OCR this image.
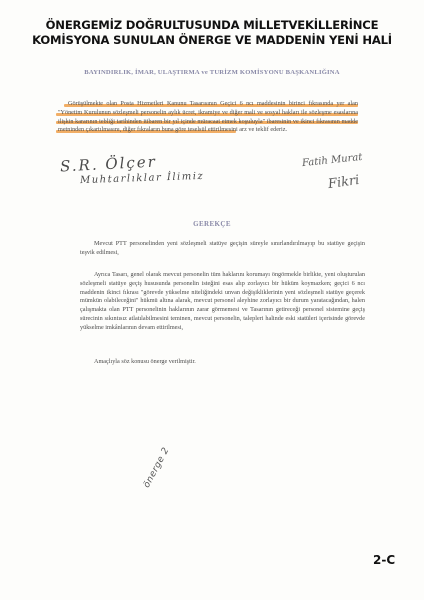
ÖNERGEMİZ DOĞRULTUSUNDA MİLLETVEKİLLERİNCE
KOMİSYONA SUNULAN ÖNERGE VE MADDENİN YENİ HALİ
BAYINDIRLIK, İMAR, ULAŞTIRMA ve TURİZM KOMİSYONU BAŞKANLIĞINA
Görüşülmekte olan Posta Hizmetleri Kanunu Tasarısının Geçici 6 ncı maddesinin birinci fıkrasında yer alan "Yönetim Kurulunun sözleşmeli personelin aylık ücret, ikramiye ve diğer mali ve sosyal hakları ile sözleşme esaslarına ilişkin kararının tebliği tarihinden itibaren bir yıl içinde müracaat etmek koşuluyla" ibaresinin ve ikinci fıkrasının madde metninden çıkartılmasını, diğer fıkraların buna göre teselsül ettirilmesini arz ve teklif ederiz.
S.R. Ölçer
Muhtarlıklar İlimiz
Fatih Murat
Fikri
GEREKÇE
Mevcut PTT personelinden yeni sözleşmeli statüye geçişin süreyle sınırlandırılmayıp bu statüye geçişin teşvik edilmesi,
Ayrıca Tasarı, genel olarak mevcut personelin tüm haklarını korumayı öngörmekle birlikte, yeni oluşturulan sözleşmeli statüye geçiş hususunda personelin isteğini esas alıp zorlayıcı bir hüküm koymazken; geçici 6 ncı maddenin ikinci fıkrası "görevde yükselme niteliğindeki unvan değişikliklerinin yeni sözleşmeli statüye geçerek mümkün olabileceğini" hükmü altına alarak, mevcut personel aleyhine zorlayıcı bir durum yaratacağından, halen çalışmakta olan PTT personelinin haklarının zarar görmemesi ve Tasarının getireceği personel sistemine geçiş sürecinin sıkıntısız atlatılabilmesini teminen, mevcut personelin, talepleri halinde eski statüleri içerisinde görevde yükselme imkânlarının devam ettirilmesi,
Amaçlıyla söz konusu önerge verilmiştir.
önerge 2
2-C
